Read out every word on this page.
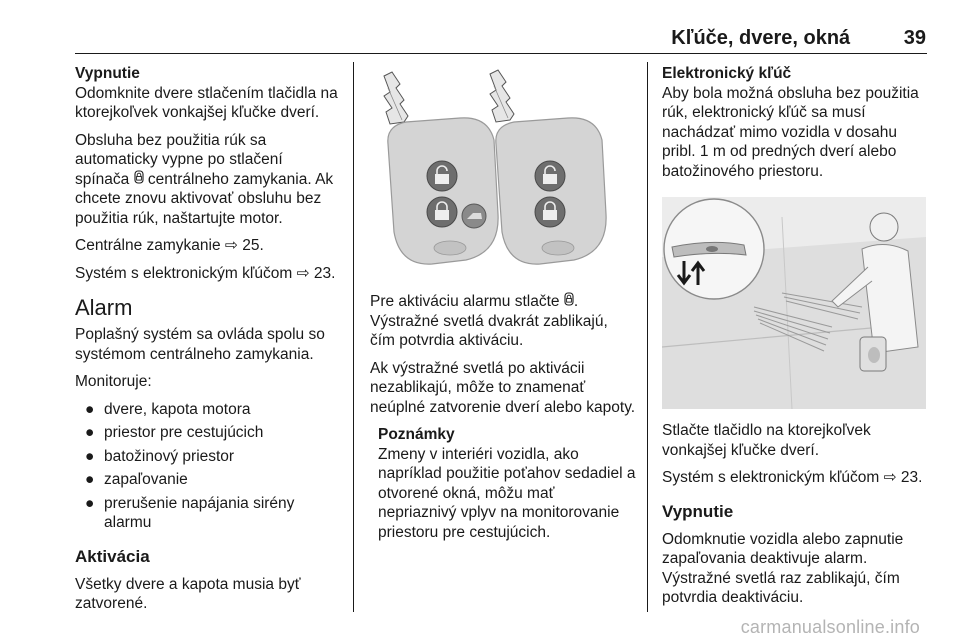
Kľúče, dvere, okná	39

Vypnutie

Odomknite dvere stlačením tlačidla na ktorejkoľvek vonkajšej kľučke dverí.

Obsluha bez použitia rúk sa automaticky vypne po stlačení spínača  centrálneho zamykania. Ak chcete znovu aktivovať obsluhu bez použitia rúk, naštartujte motor.

Centrálne zamykanie ⇨ 25.

Systém s elektronickým kľúčom ⇨ 23.

Alarm

Poplašný systém sa ovláda spolu so systémom centrálneho zamykania.

Monitoruje:

● dvere, kapota motora
● priestor pre cestujúcich
● batožinový priestor
● zapaľovanie
● prerušenie napájania sirény alarmu
Aktivácia

Všetky dvere a kapota musia byť zatvorené.

Pre aktiváciu alarmu stlačte .
Výstražné svetlá dvakrát zablikajú, čím potvrdia aktiváciu.

Ak výstražné svetlá po aktivácii nezablikajú, môže to znamenať neúplné zatvorenie dverí alebo kapoty.

Poznámky

Zmeny v interiéri vozidla, ako napríklad použitie poťahov sedadiel a otvorené okná, môžu mať nepriaznivý vplyv na monitorovanie priestoru pre cestujúcich.

Elektronický kľúč

Aby bola možná obsluha bez použitia rúk, elektronický kľúč sa musí nachádzať mimo vozidla v dosahu pribl. 1 m od predných dverí alebo batožinového priestoru.

Stlačte tlačidlo na ktorejkoľvek vonkajšej kľučke dverí.

Systém s elektronickým kľúčom ⇨ 23.

Vypnutie

Odomknutie vozidla alebo zapnutie zapaľovania deaktivuje alarm. Výstražné svetlá raz zablikajú, čím potvrdia deaktiváciu.

carmanualsonline.info
